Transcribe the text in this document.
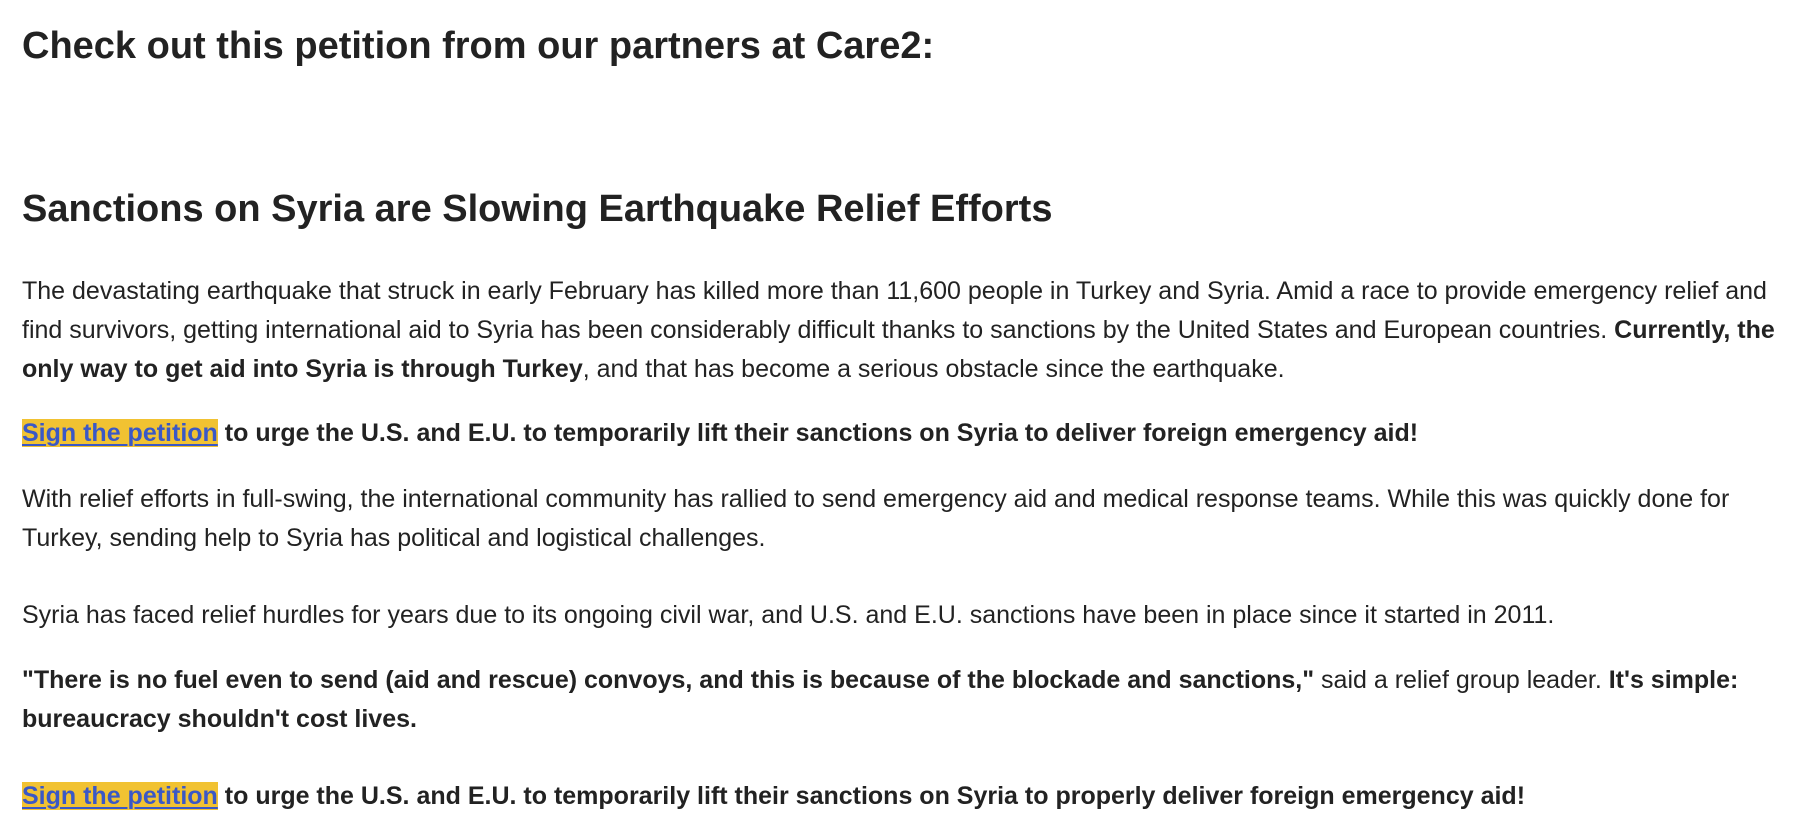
Check out this petition from our partners at Care2:
Sanctions on Syria are Slowing Earthquake Relief Efforts

The devastating earthquake that struck in early February has killed more than 11,600 people in Turkey and Syria. Amid a race to provide emergency relief and find survivors, getting international aid to Syria has been considerably difficult thanks to sanctions by the United States and European countries. Currently, the only way to get aid into Syria is through Turkey, and that has become a serious obstacle since the earthquake.

Sign the petition to urge the U.S. and E.U. to temporarily lift their sanctions on Syria to deliver foreign emergency aid!

With relief efforts in full-swing, the international community has rallied to send emergency aid and medical response teams. While this was quickly done for Turkey, sending help to Syria has political and logistical challenges.

Syria has faced relief hurdles for years due to its ongoing civil war, and U.S. and E.U. sanctions have been in place since it started in 2011.

"There is no fuel even to send (aid and rescue) convoys, and this is because of the blockade and sanctions," said a relief group leader. It's simple: bureaucracy shouldn't cost lives.

Sign the petition to urge the U.S. and E.U. to temporarily lift their sanctions on Syria to properly deliver foreign emergency aid!
